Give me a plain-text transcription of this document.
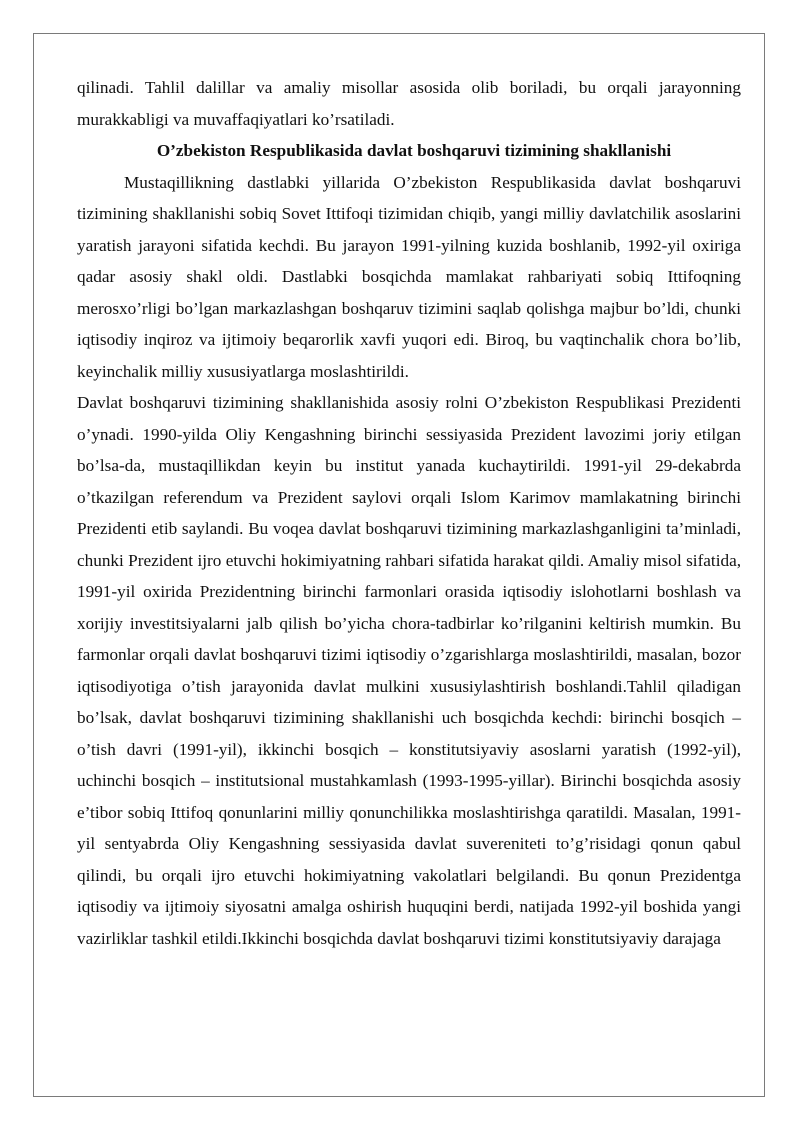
qilinadi. Tahlil dalillar va amaliy misollar asosida olib boriladi, bu orqali jarayonning murakkabligi va muvaffaqiyatlari ko’rsatiladi.

O’zbekiston Respublikasida davlat boshqaruvi tizimining shakllanishi

Mustaqillikning dastlabki yillarida O’zbekiston Respublikasida davlat boshqaruvi tizimining shakllanishi sobiq Sovet Ittifoqi tizimidan chiqib, yangi milliy davlatchilik asoslarini yaratish jarayoni sifatida kechdi. Bu jarayon 1991-yilning kuzida boshlanib, 1992-yil oxiriga qadar asosiy shakl oldi. Dastlabki bosqichda mamlakat rahbariyati sobiq Ittifoqning merosxo’rligi bo’lgan markazlashgan boshqaruv tizimini saqlab qolishga majbur bo’ldi, chunki iqtisodiy inqiroz va ijtimoiy beqarorlik xavfi yuqori edi. Biroq, bu vaqtinchalik chora bo’lib, keyinchalik milliy xususiyatlarga moslashtirildi.

Davlat boshqaruvi tizimining shakllanishida asosiy rolni O’zbekiston Respublikasi Prezidenti o’ynadi. 1990-yilda Oliy Kengashning birinchi sessiyasida Prezident lavozimi joriy etilgan bo’lsa-da, mustaqillikdan keyin bu institut yanada kuchaytirildi. 1991-yil 29-dekabrda o’tkazilgan referendum va Prezident saylovi orqali Islom Karimov mamlakatning birinchi Prezidenti etib saylandi. Bu voqea davlat boshqaruvi tizimining markazlashganligini ta’minladi, chunki Prezident ijro etuvchi hokimiyatning rahbari sifatida harakat qildi. Amaliy misol sifatida, 1991-yil oxirida Prezidentning birinchi farmonlari orasida iqtisodiy islohotlarni boshlash va xorijiy investitsiyalarni jalb qilish bo’yicha chora-tadbirlar ko’rilganini keltirish mumkin. Bu farmonlar orqali davlat boshqaruvi tizimi iqtisodiy o’zgarishlarga moslashtirildi, masalan, bozor iqtisodiyotiga o’tish jarayonida davlat mulkini xususiylashtirish boshlandi.Tahlil qiladigan bo’lsak, davlat boshqaruvi tizimining shakllanishi uch bosqichda kechdi: birinchi bosqich – o’tish davri (1991-yil), ikkinchi bosqich – konstitutsiyaviy asoslarni yaratish (1992-yil), uchinchi bosqich – institutsional mustahkamlash (1993-1995-yillar). Birinchi bosqichda asosiy e’tibor sobiq Ittifoq qonunlarini milliy qonunchilikka moslashtirishga qaratildi. Masalan, 1991-yil sentyabrda Oliy Kengashning sessiyasida davlat suvereniteti to’g’risidagi qonun qabul qilindi, bu orqali ijro etuvchi hokimiyatning vakolatlari belgilandi. Bu qonun Prezidentga iqtisodiy va ijtimoiy siyosatni amalga oshirish huquqini berdi, natijada 1992-yil boshida yangi vazirliklar tashkil etildi.Ikkinchi bosqichda davlat boshqaruvi tizimi konstitutsiyaviy darajaga
